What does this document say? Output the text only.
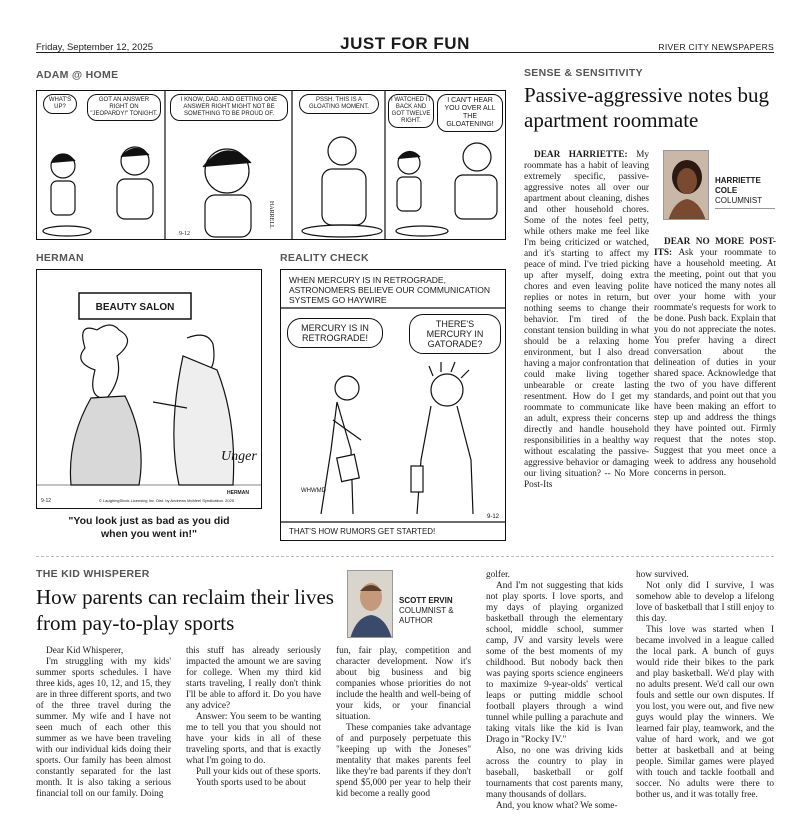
Friday, September 12, 2025	JUST FOR FUN	RIVER CITY NEWSPAPERS
ADAM @ HOME
HARRELL
9-12
WHAT'S UP?
GOT AN ANSWER RIGHT ON "JEOPARDY!" TONIGHT.
I KNOW, DAD. AND GETTING ONE ANSWER RIGHT MIGHT NOT BE SOMETHING TO BE PROUD OF.
PSSH. THIS IS A GLOATING MOMENT.
I WATCHED IT BACK AND GOT TWELVE RIGHT.
I CAN'T HEAR YOU OVER ALL THE GLOATENING!
HERMAN
Unger
BEAUTY SALON
9-12	© LaughingStock Licensing Inc. Dist. by Andrews McMeel Syndication. 2025
HERMAN
"You look just as bad as you did when you went in!"
REALITY CHECK
WHWMD
9-12
WHEN MERCURY IS IN RETROGRADE, ASTRONOMERS BELIEVE OUR COMMUNICATION SYSTEMS GO HAYWIRE
MERCURY IS IN RETROGRADE!
THERE'S MERCURY IN GATORADE?
THAT'S HOW RUMORS GET STARTED!
SENSE & SENSITIVITY
Passive-aggressive notes bug apartment roommate

DEAR HARRIETTE: My roommate has a habit of leaving extremely specific, passive-aggressive notes all over our apartment about cleaning, dishes and other household chores. Some of the notes feel petty, while others make me feel like I'm being criticized or watched, and it's starting to affect my peace of mind. I've tried picking up after myself, doing extra chores and even leaving polite replies or notes in return, but nothing seems to change their behavior. I'm tired of the constant tension building in what should be a relaxing home environment, but I also dread having a major confrontation that could make living together unbearable or create lasting resentment. How do I get my roommate to communicate like an adult, express their concerns directly and handle household responsibilities in a healthy way without escalating the passive-aggressive behavior or damaging our living situation? -- No More Post-Its

HARRIETTE COLE
COLUMNIST

DEAR NO MORE POST-ITS: Ask your roommate to have a household meeting. At the meeting, point out that you have noticed the many notes all over your home with your roommate's requests for work to be done. Push back. Explain that you do not appreciate the notes. You prefer having a direct conversation about the delineation of duties in your shared space. Acknowledge that the two of you have different standards, and point out that you have been making an effort to step up and address the things they have pointed out. Firmly request that the notes stop. Suggest that you meet once a week to address any household concerns in person.

THE KID WHISPERER
How parents can reclaim their lives from pay-to-play sports
SCOTT ERVIN
COLUMNIST &
AUTHOR

Dear Kid Whisperer,

I'm struggling with my kids' summer sports schedules. I have three kids, ages 10, 12, and 15, they are in three different sports, and two of the three travel during the summer. My wife and I have not seen much of each other this summer as we have been traveling with our individual kids doing their sports. Our family has been almost constantly separated for the last month. It is also taking a serious financial toll on our family. Doing

this stuff has already seriously impacted the amount we are saving for college. When my third kid starts traveling, I really don't think I'll be able to afford it. Do you have any advice?

Answer: You seem to be wanting me to tell you that you should not have your kids in all of these traveling sports, and that is exactly what I'm going to do.

Pull your kids out of these sports.

Youth sports used to be about

fun, fair play, competition and character development. Now it's about big business and big companies whose priorities do not include the health and well-being of your kids, or your financial situation.

These companies take advantage of and purposely perpetuate this "keeping up with the Joneses" mentality that makes parents feel like they're bad parents if they don't spend $5,000 per year to help their kid become a really good

golfer.

And I'm not suggesting that kids not play sports. I love sports, and my days of playing organized basketball through the elementary school, middle school, summer camp, JV and varsity levels were some of the best moments of my childhood. But nobody back then was paying sports science engineers to maximize 9-year-olds' vertical leaps or putting middle school football players through a wind tunnel while pulling a parachute and taking vitals like the kid is Ivan Drago in "Rocky IV."

Also, no one was driving kids across the country to play in baseball, basketball or golf tournaments that cost parents many, many thousands of dollars.

And, you know what? We some-

how survived.

Not only did I survive, I was somehow able to develop a lifelong love of basketball that I still enjoy to this day.

This love was started when I became involved in a league called the local park. A bunch of guys would ride their bikes to the park and play basketball. We'd play with no adults present. We'd call our own fouls and settle our own disputes. If you lost, you were out, and five new guys would play the winners. We learned fair play, teamwork, and the value of hard work, and we got better at basketball and at being people. Similar games were played with touch and tackle football and soccer. No adults were there to bother us, and it was totally free.
